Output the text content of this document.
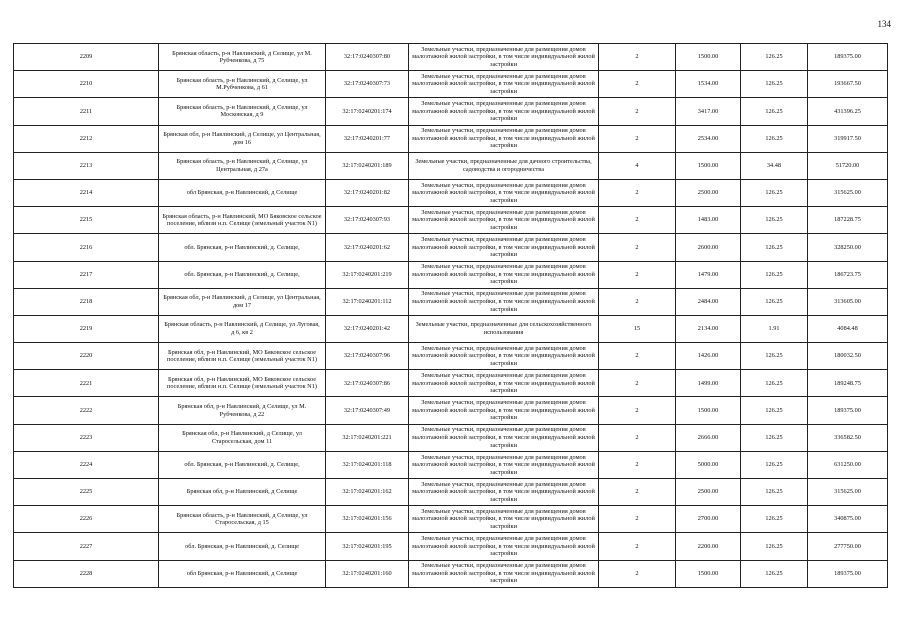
134
2209	Брянская область, р-н Навлинский, д Селище, ул М. Рубченкова, д 75	32:17:0240307:80	Земельные участки, предназначенные для размещения домов малоэтажной жилой застройки, в том числе индивидуальной жилой застройки	2	1500.00	126.25	189375.00
2210	Брянская область, р-н Навлинский, д Селище, ул М.Рубченкова, д 61	32:17:0240307:73	Земельные участки, предназначенные для размещения домов малоэтажной жилой застройки, в том числе индивидуальной жилой застройки	2	1534.00	126.25	193667.50
2211	Брянская область, р-н Навлинский, д Селище, ул Московская, д 9	32:17:0240201:174	Земельные участки, предназначенные для размещения домов малоэтажной жилой застройки, в том числе индивидуальной жилой застройки	2	3417.00	126.25	431396.25
2212	Брянская обл, р-н Навлинский, д Селище, ул Центральная, дом 16	32:17:0240201:77	Земельные участки, предназначенные для размещения домов малоэтажной жилой застройки, в том числе индивидуальной жилой застройки	2	2534.00	126.25	319917.50
2213	Брянская область, р-н Навлинский, д Селище, ул Центральная, д 27а	32:17:0240201:189	Земельные участки, предназначенные для дачного строительства, садоводства и огородничества	4	1500.00	34.48	51720.00
2214	обл Брянская, р-н Навлинский, д Селище	32:17:0240201:82	Земельные участки, предназначенные для размещения домов малоэтажной жилой застройки, в том числе индивидуальной жилой застройки	2	2500.00	126.25	315625.00
2215	Брянская область, р-н Навлинский, МО Бяковское сельское поселение, вблизи н.п. Селище (земельный участок N1)	32:17:0240307:93	Земельные участки, предназначенные для размещения домов малоэтажной жилой застройки, в том числе индивидуальной жилой застройки	2	1483.00	126.25	187228.75
2216	обл. Брянская, р-н Навлинский, д. Селище,	32:17:0240201:62	Земельные участки, предназначенные для размещения домов малоэтажной жилой застройки, в том числе индивидуальной жилой застройки	2	2600.00	126.25	328250.00
2217	обл. Брянская, р-н Навлинский, д. Селище,	32:17:0240201:219	Земельные участки, предназначенные для размещения домов малоэтажной жилой застройки, в том числе индивидуальной жилой застройки	2	1479.00	126.25	186723.75
2218	Брянская обл, р-н Навлинский, д Селище, ул Центральная, дом 17	32:17:0240201:112	Земельные участки, предназначенные для размещения домов малоэтажной жилой застройки, в том числе индивидуальной жилой застройки	2	2484.00	126.25	313605.00
2219	Брянская область, р-н Навлинский, д Селище, ул Луговая, д 6, кв 2	32:17:0240201:42	Земельные участки, предназначенные для сельскохозяйственного использования	15	2134.00	1.91	4084.48
2220	Брянская обл, р-н Навлинский, МО Бяковское сельское поселение, вблизи н.п. Селище (земельный участок N1)	32:17:0240307:96	Земельные участки, предназначенные для размещения домов малоэтажной жилой застройки, в том числе индивидуальной жилой застройки	2	1426.00	126.25	180032.50
2221	Брянская обл, р-н Навлинский, МО Бяковское сельское поселение, вблизи н.п. Селище (земельный участок N1)	32:17:0240307:86	Земельные участки, предназначенные для размещения домов малоэтажной жилой застройки, в том числе индивидуальной жилой застройки	2	1499.00	126.25	189248.75
2222	Брянская обл, р-н Навлинский, д Селище, ул М. Рубченкова, д 22	32:17:0240307:49	Земельные участки, предназначенные для размещения домов малоэтажной жилой застройки, в том числе индивидуальной жилой застройки	2	1500.00	126.25	189375.00
2223	Брянская обл, р-н Навлинский, д Селище, ул Старосельская, дом 11	32:17:0240201:221	Земельные участки, предназначенные для размещения домов малоэтажной жилой застройки, в том числе индивидуальной жилой застройки	2	2666.00	126.25	336582.50
2224	обл. Брянская, р-н Навлинский, д. Селище,	32:17:0240201:118	Земельные участки, предназначенные для размещения домов малоэтажной жилой застройки, в том числе индивидуальной жилой застройки	2	5000.00	126.25	631250.00
2225	Брянская обл, р-н Навлинский, д Селище	32:17:0240201:162	Земельные участки, предназначенные для размещения домов малоэтажной жилой застройки, в том числе индивидуальной жилой застройки	2	2500.00	126.25	315625.00
2226	Брянская область, р-н Навлинский, д Селище, ул Старосельская, д 15	32:17:0240201:156	Земельные участки, предназначенные для размещения домов малоэтажной жилой застройки, в том числе индивидуальной жилой застройки	2	2700.00	126.25	340875.00
2227	обл. Брянская, р-н Навлинский, д. Селище	32:17:0240201:195	Земельные участки, предназначенные для размещения домов малоэтажной жилой застройки, в том числе индивидуальной жилой застройки	2	2200.00	126.25	277750.00
2228	обл Брянская, р-н Навлинский, д Селище	32:17:0240201:160	Земельные участки, предназначенные для размещения домов малоэтажной жилой застройки, в том числе индивидуальной жилой застройки	2	1500.00	126.25	189375.00
